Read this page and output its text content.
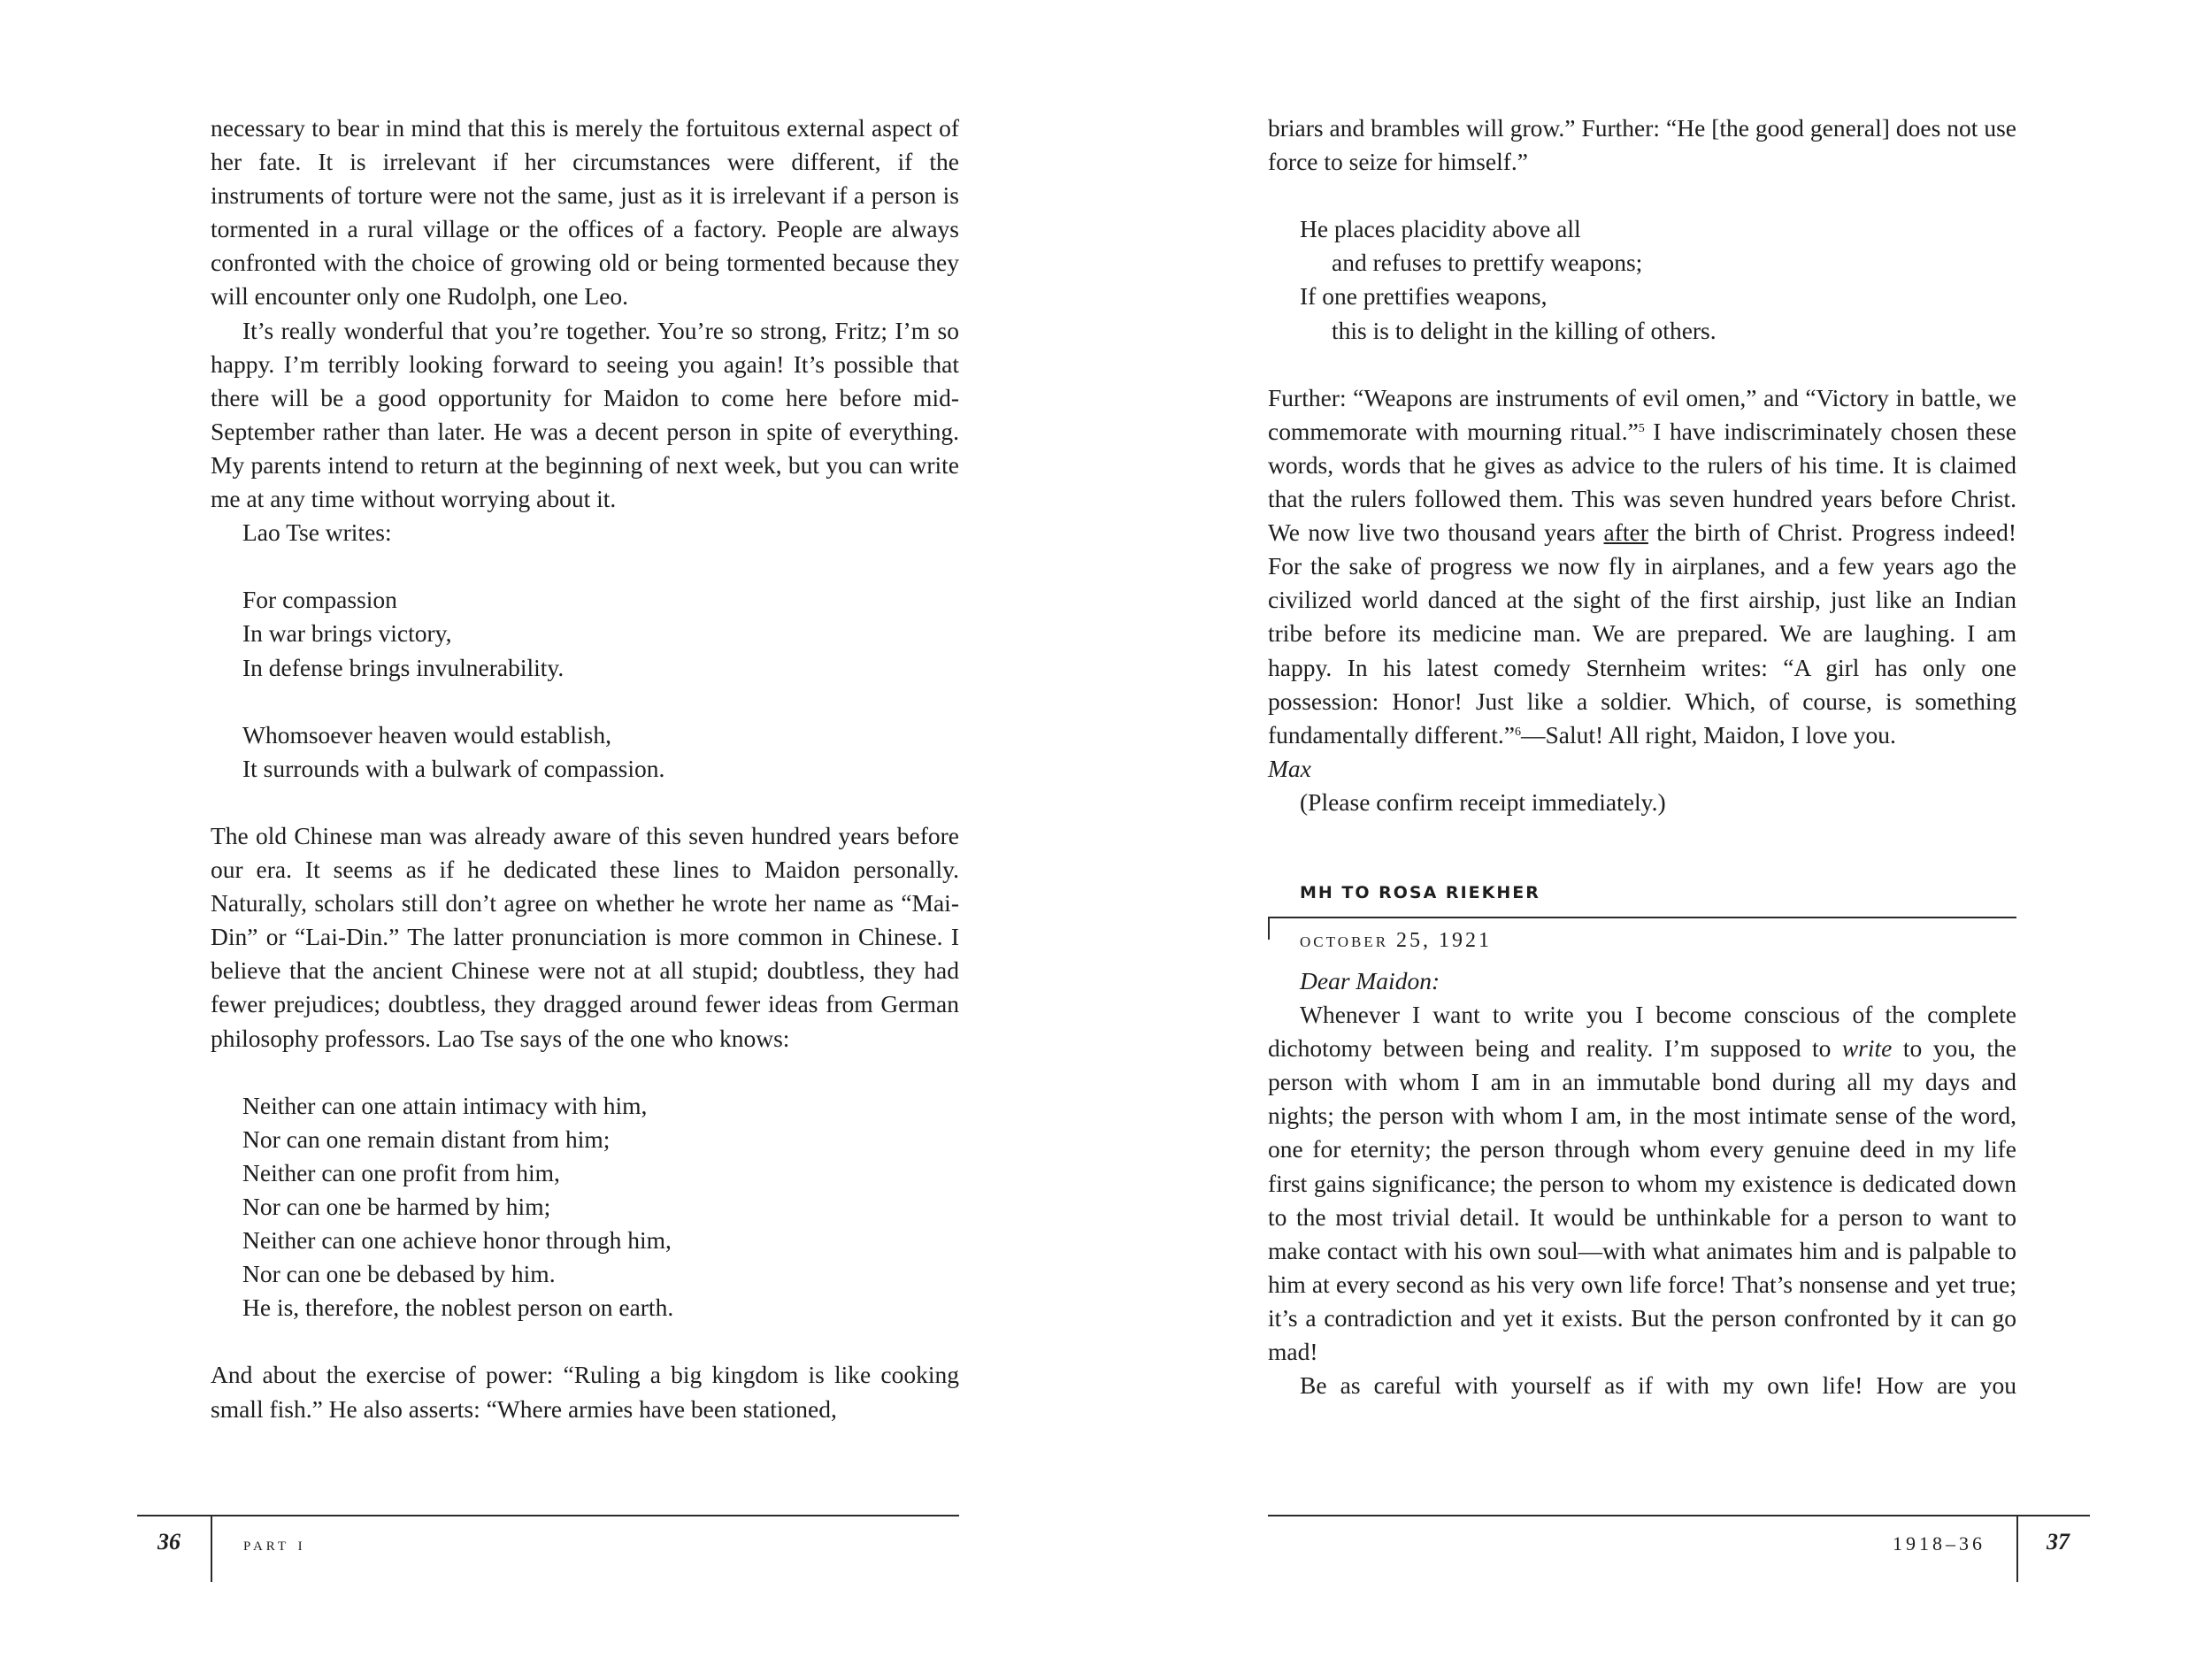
necessary to bear in mind that this is merely the fortuitous external aspect of her fate. It is irrelevant if her circumstances were different, if the instruments of torture were not the same, just as it is irrelevant if a person is tormented in a rural village or the offices of a factory. People are always confronted with the choice of growing old or being tormented because they will encounter only one Rudolph, one Leo.

It’s really wonderful that you’re together. You’re so strong, Fritz; I’m so happy. I’m terribly looking forward to seeing you again! It’s possible that there will be a good opportunity for Maidon to come here before mid-September rather than later. He was a decent person in spite of everything. My parents intend to return at the beginning of next week, but you can write me at any time without worrying about it.

Lao Tse writes:

For compassion
In war brings victory,
In defense brings invulnerability.
Whomsoever heaven would establish,
It surrounds with a bulwark of compassion.

The old Chinese man was already aware of this seven hundred years before our era. It seems as if he dedicated these lines to Maidon personally. Naturally, scholars still don’t agree on whether he wrote her name as “Mai-Din” or “Lai-Din.” The latter pronunciation is more common in Chinese. I believe that the ancient Chinese were not at all stupid; doubtless, they had fewer prejudices; doubtless, they dragged around fewer ideas from German philosophy professors. Lao Tse says of the one who knows:

Neither can one attain intimacy with him,
Nor can one remain distant from him;
Neither can one profit from him,
Nor can one be harmed by him;
Neither can one achieve honor through him,
Nor can one be debased by him.
He is, therefore, the noblest person on earth.

And about the exercise of power: “Ruling a big kingdom is like cooking small fish.” He also asserts: “Where armies have been stationed,

36	part i

briars and brambles will grow.” Further: “He [the good general] does not use force to seize for himself.”

He places placidity above all
and refuses to prettify weapons;
If one prettifies weapons,
this is to delight in the killing of others.

Further: “Weapons are instruments of evil omen,” and “Victory in battle, we commemorate with mourning ritual.”$^5$ I have indiscriminately chosen these words, words that he gives as advice to the rulers of his time. It is claimed that the rulers followed them. This was seven hundred years before Christ. We now live two thousand years after the birth of Christ. Progress indeed! For the sake of progress we now fly in airplanes, and a few years ago the civilized world danced at the sight of the first airship, just like an Indian tribe before its medicine man. We are prepared. We are laughing. I am happy. In his latest comedy Sternheim writes: “A girl has only one possession: Honor! Just like a soldier. Which, of course, is something fundamentally different.”$^6$—Salut! All right, Maidon, I love you.

Max

(Please confirm receipt immediately.)

MH TO ROSA RIEKHER
october 25, 1921

Dear Maidon:

Whenever I want to write you I become conscious of the complete dichotomy between being and reality. I’m supposed to write to you, the person with whom I am in an immutable bond during all my days and nights; the person with whom I am, in the most intimate sense of the word, one for eternity; the person through whom every genuine deed in my life first gains significance; the person to whom my existence is dedicated down to the most trivial detail. It would be unthinkable for a person to want to make contact with his own soul—with what animates him and is palpable to him at every second as his very own life force! That’s nonsense and yet true; it’s a contradiction and yet it exists. But the person confronted by it can go mad!

Be as careful with yourself as if with my own life! How are you

1918–36	37
